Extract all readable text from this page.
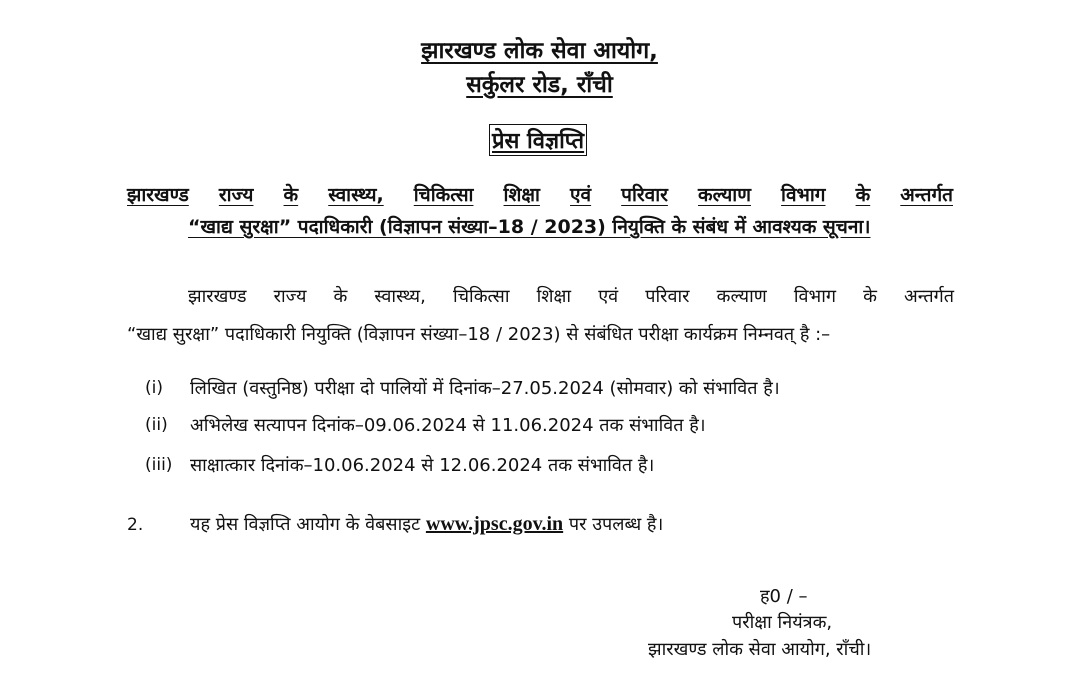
झारखण्ड लोक सेवा आयोग,
सर्कुलर रोड, राँची
प्रेस विज्ञप्ति
झारखण्ड राज्य के स्वास्थ्य, चिकित्सा शिक्षा एवं परिवार कल्याण विभाग के अन्तर्गत
“खाद्य सुरक्षा” पदाधिकारी (विज्ञापन संख्या–18 / 2023) नियुक्ति के संबंध में आवश्यक सूचना।
झारखण्ड राज्य के स्वास्थ्य, चिकित्सा शिक्षा एवं परिवार कल्याण विभाग के अन्तर्गत
“खाद्य सुरक्षा” पदाधिकारी नियुक्ति (विज्ञापन संख्या–18 / 2023) से संबंधित परीक्षा कार्यक्रम निम्नवत् है :–
(i) लिखित (वस्तुनिष्ठ) परीक्षा दो पालियों में दिनांक–27.05.2024 (सोमवार) को संभावित है।
(ii) अभिलेख सत्यापन दिनांक–09.06.2024 से 11.06.2024 तक संभावित है।
(iii) साक्षात्कार दिनांक–10.06.2024 से 12.06.2024 तक संभावित है।
2.	यह प्रेस विज्ञप्ति आयोग के वेबसाइट www.jpsc.gov.in पर उपलब्ध है।
ह0 / –
परीक्षा नियंत्रक,
झारखण्ड लोक सेवा आयोग, राँची।
